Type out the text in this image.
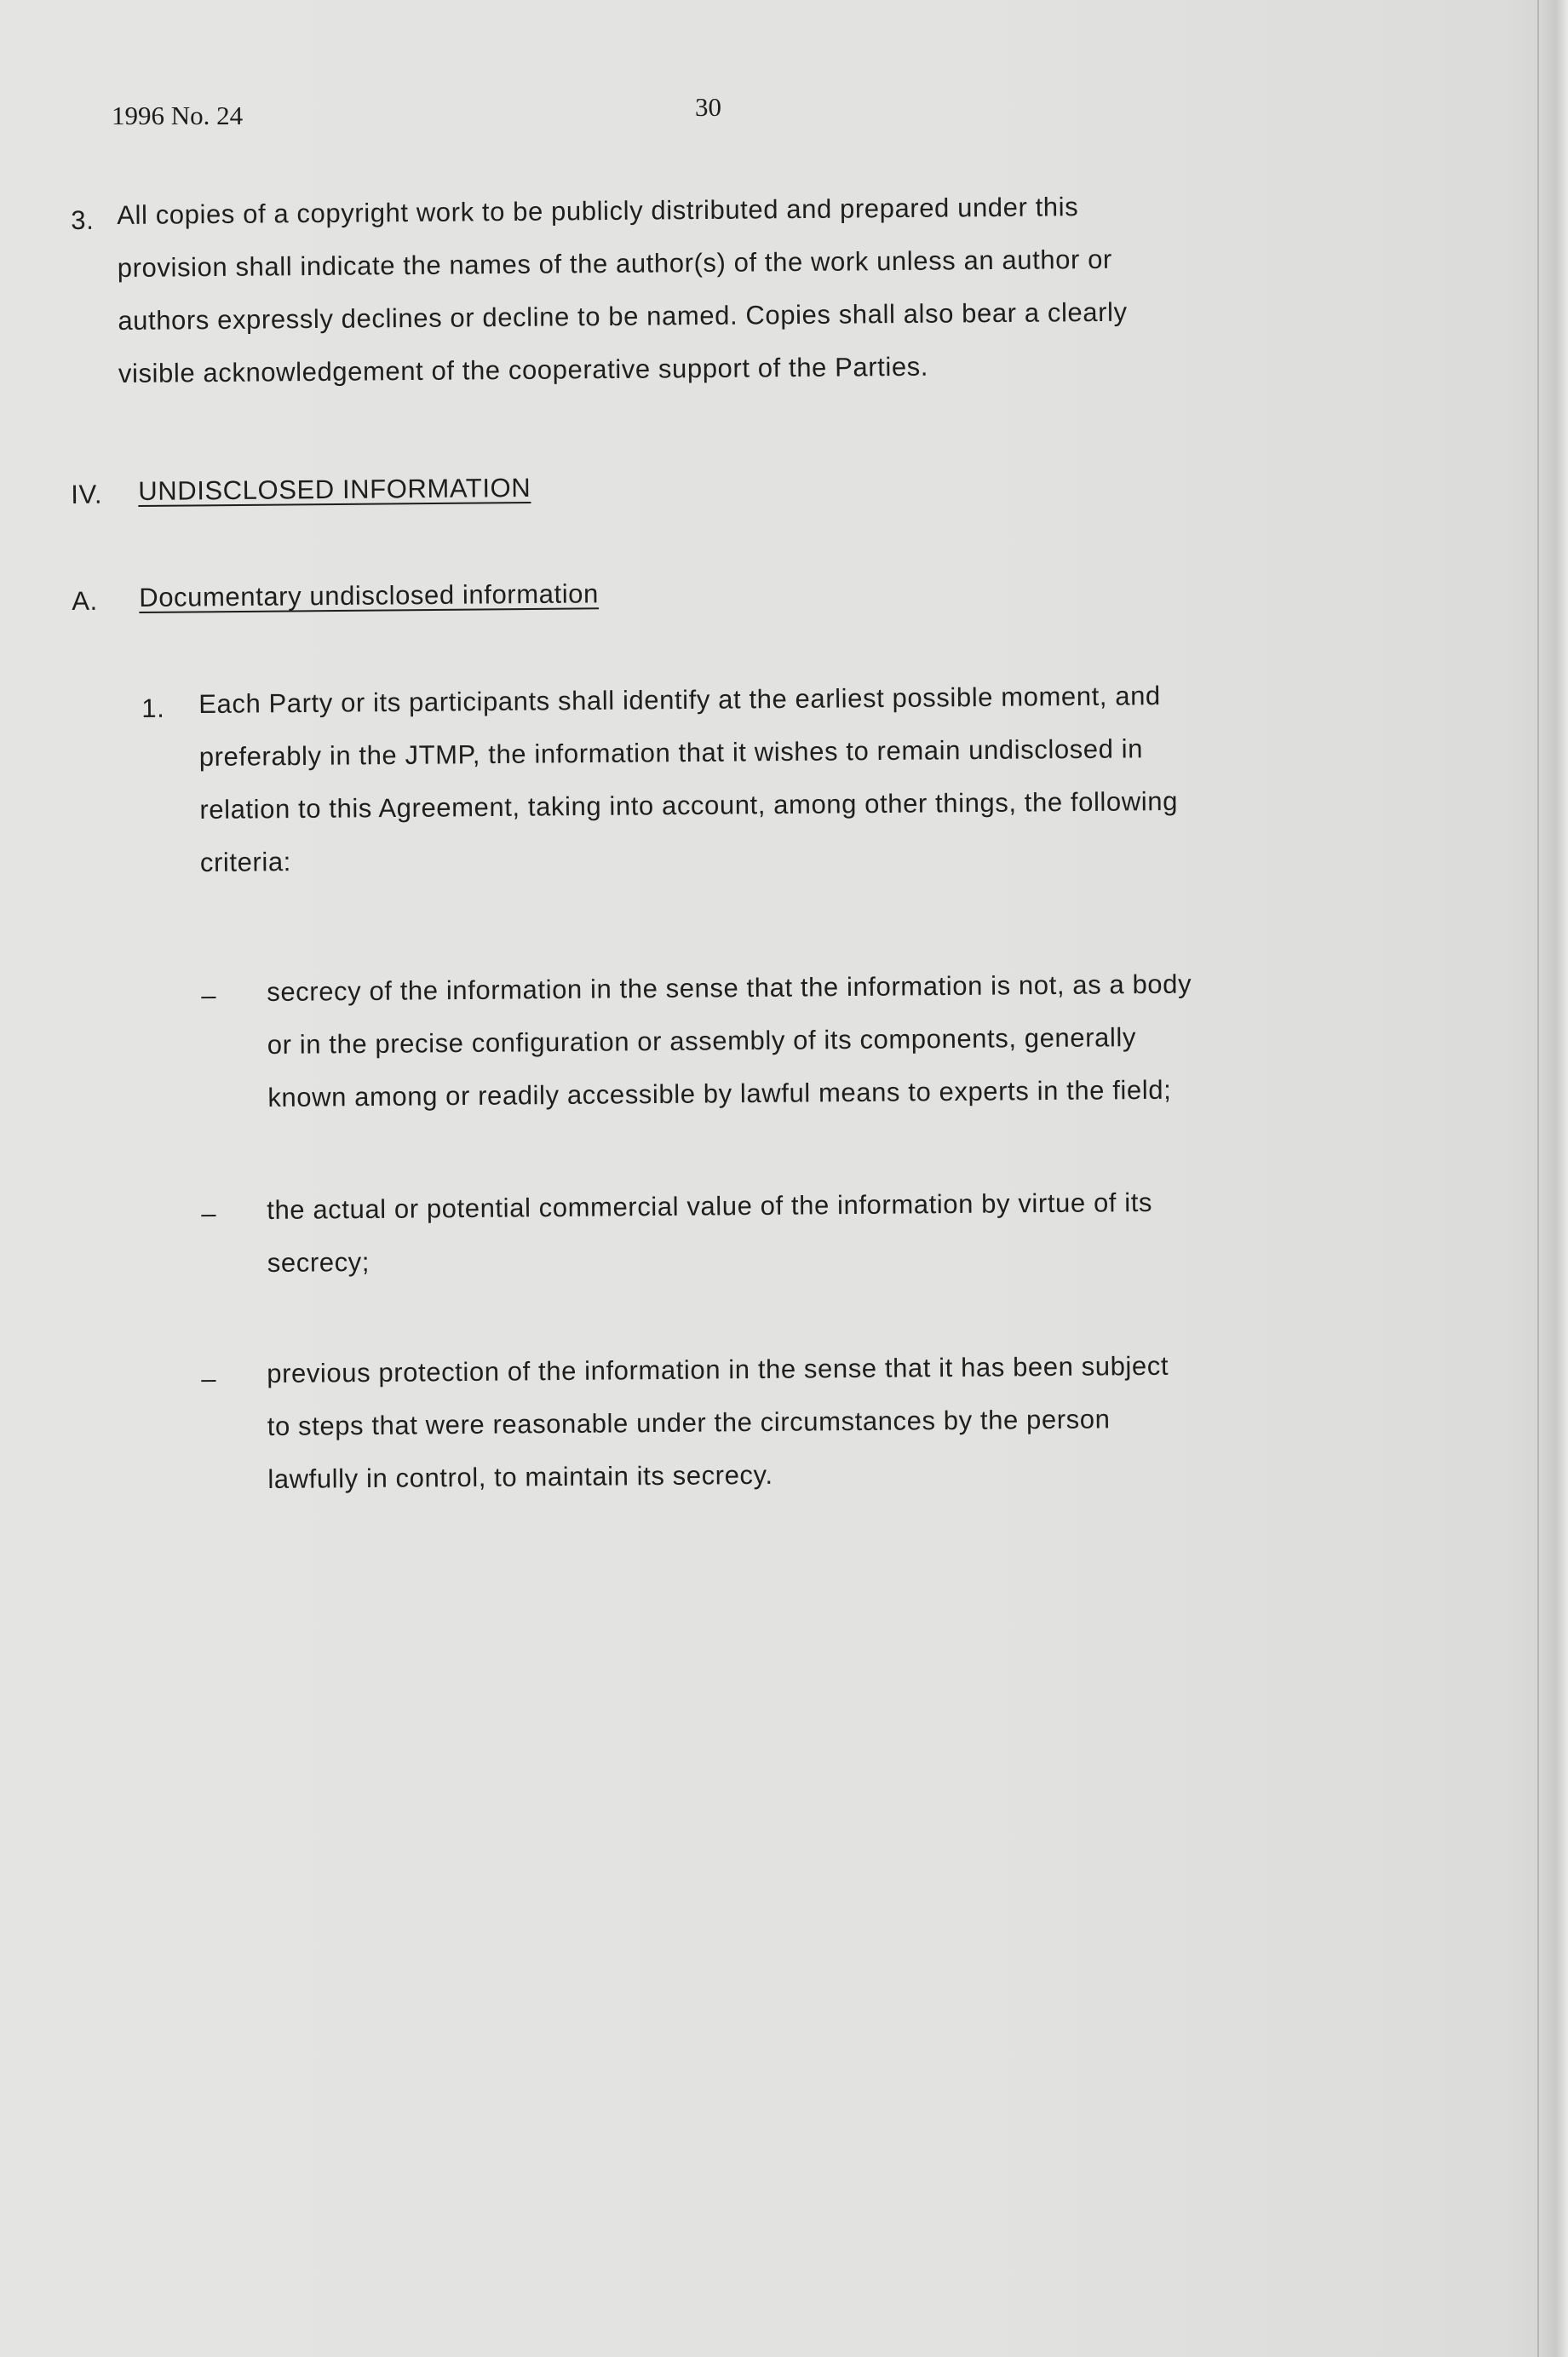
1996 No. 24	30
3. All copies of a copyright work to be publicly distributed and prepared under this
provision shall indicate the names of the author(s) of the work unless an author or
authors expressly declines or decline to be named. Copies shall also bear a clearly
visible acknowledgement of the cooperative support of the Parties.
IV. UNDISCLOSED INFORMATION
A. Documentary undisclosed information
1. Each Party or its participants shall identify at the earliest possible moment, and
preferably in the JTMP, the information that it wishes to remain undisclosed in
relation to this Agreement, taking into account, among other things, the following
criteria:
– secrecy of the information in the sense that the information is not, as a body
or in the precise configuration or assembly of its components, generally
known among or readily accessible by lawful means to experts in the field;
– the actual or potential commercial value of the information by virtue of its
secrecy;
– previous protection of the information in the sense that it has been subject
to steps that were reasonable under the circumstances by the person
lawfully in control, to maintain its secrecy.
